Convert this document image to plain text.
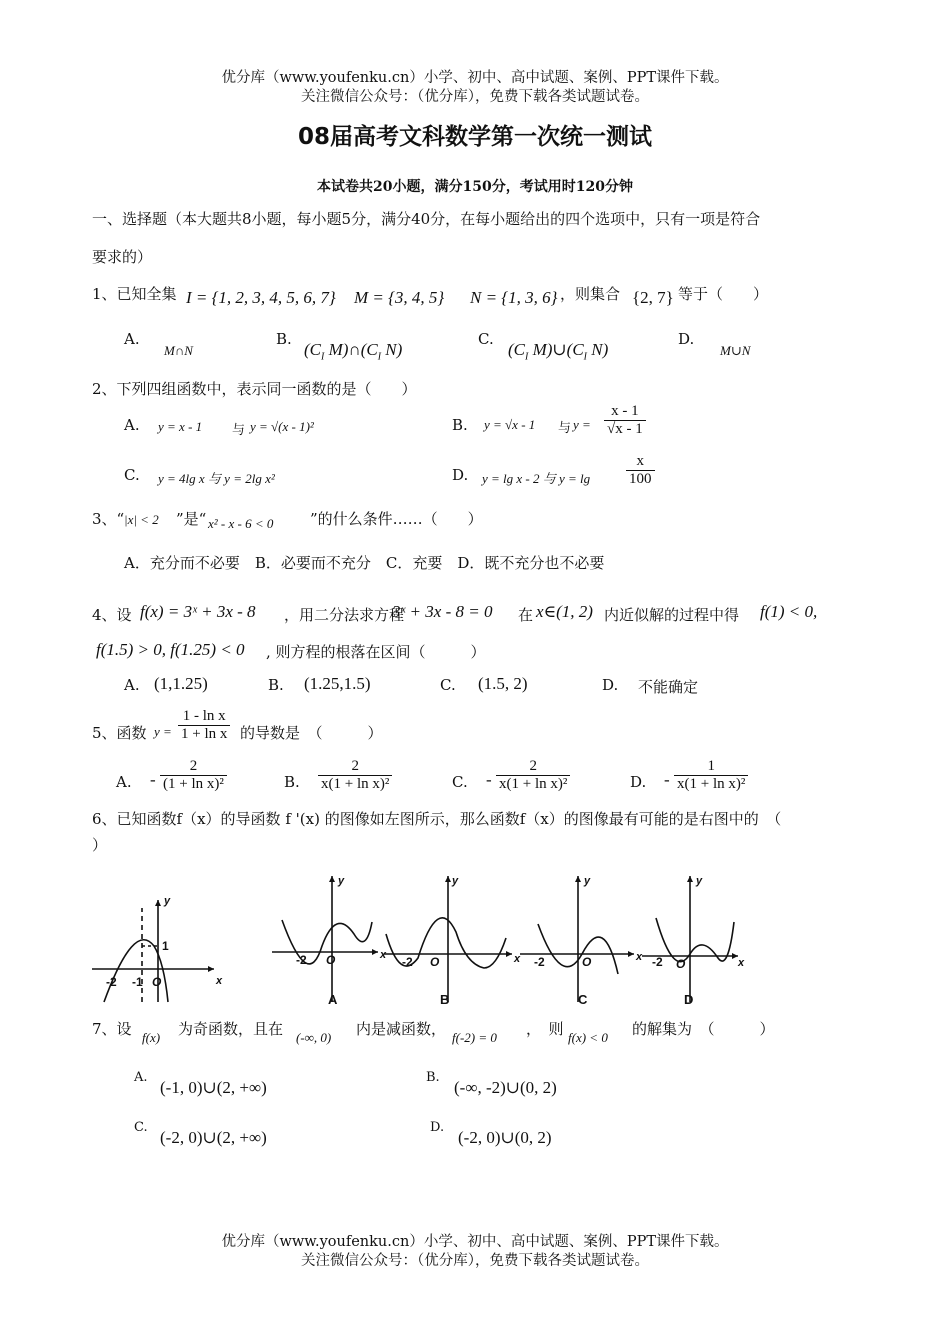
优分库（www.youfenku.cn）小学、初中、高中试题、案例、PPT课件下载。
关注微信公众号：（优分库），免费下载各类试题试卷。
08届高考文科数学第一次统一测试
本试卷共20小题，满分150分，考试用时120分钟
一、选择题（本大题共8小题，每小题5分，满分40分，在每小题给出的四个选项中，只有一项是符合
要求的）
1、已知全集 I = {1, 2, 3, 4, 5, 6, 7} M = {3, 4, 5} N = {1, 3, 6} ，则集合 {2, 7} 等于（　　）
A.
M∩N
B.
($C_I$ $M)\cap(C_I$ N)
C.
($C_I$ $M)\cup(C_I$ N)
D.
M∪N
2、下列四组函数中，表示同一函数的是（　　）
A. y = x - 1 与 y = √(x - 1)²	B. y = √x - 1 与 $y = \frac{x - 1}{√x - 1}$
C. y = 4lg x 与 y = 2lg x²	D. y = lg x - 2 与 $y = \lg \frac{x}{100}$
3、“ |x| < 2 ”是“ x² - x - 6 < 0 ”的什么条件……（　　）
A．充分而不必要　B．必要而不充分　C．充要　D．既不充分也不必要
4、设 f(x) = 3ˣ + 3x - 8 ，用二分法求方程
3ˣ + 3x - 8 = 0 在 x∈(1, 2) 内近似解的过程中得 f(1) < 0,
f(1.5) > 0, f(1.25) < 0 , 则方程的根落在区间（　　　）
A. (1,1.25)	B. (1.25,1.5)	C. (1.5, 2)	D. 不能确定
5、函数 $y = \frac{\text{1 - ln x}}{\text{1 + ln x}}$ 的导数是　（　　　）
A. - $\frac{2}{\text{(1 + ln x)²}}$	B. $\frac{2}{\text{x(1 + ln x)²}}$	C. - $\frac{2}{\text{x(1 + ln x)²}}$	D. - $\frac{1}{\text{x(1 + ln x)²}}$
6、已知函数f（x）的导函数 f '(x) 的图像如左图所示，那么函数f（x）的图像最有可能的是右图中的　（
）
x
y
x
y
x
y
x
y
x
y
-2 -1
1
O
-2 O	-2 O	-2	O	-2 O
A	B	C	D
7、设 f(x) 为奇函数，且在 (-∞, 0) 内是减函数， f(-2) = 0 ，　则 f(x) < 0 的解集为　（　　　）
A.
(-1, 0)∪(2, +∞)
B.
(-∞, -2)∪(0, 2)
C.
(-2, 0)∪(2, +∞)
D.
(-2, 0)∪(0, 2)
优分库（www.youfenku.cn）小学、初中、高中试题、案例、PPT课件下载。
关注微信公众号：（优分库），免费下载各类试题试卷。
